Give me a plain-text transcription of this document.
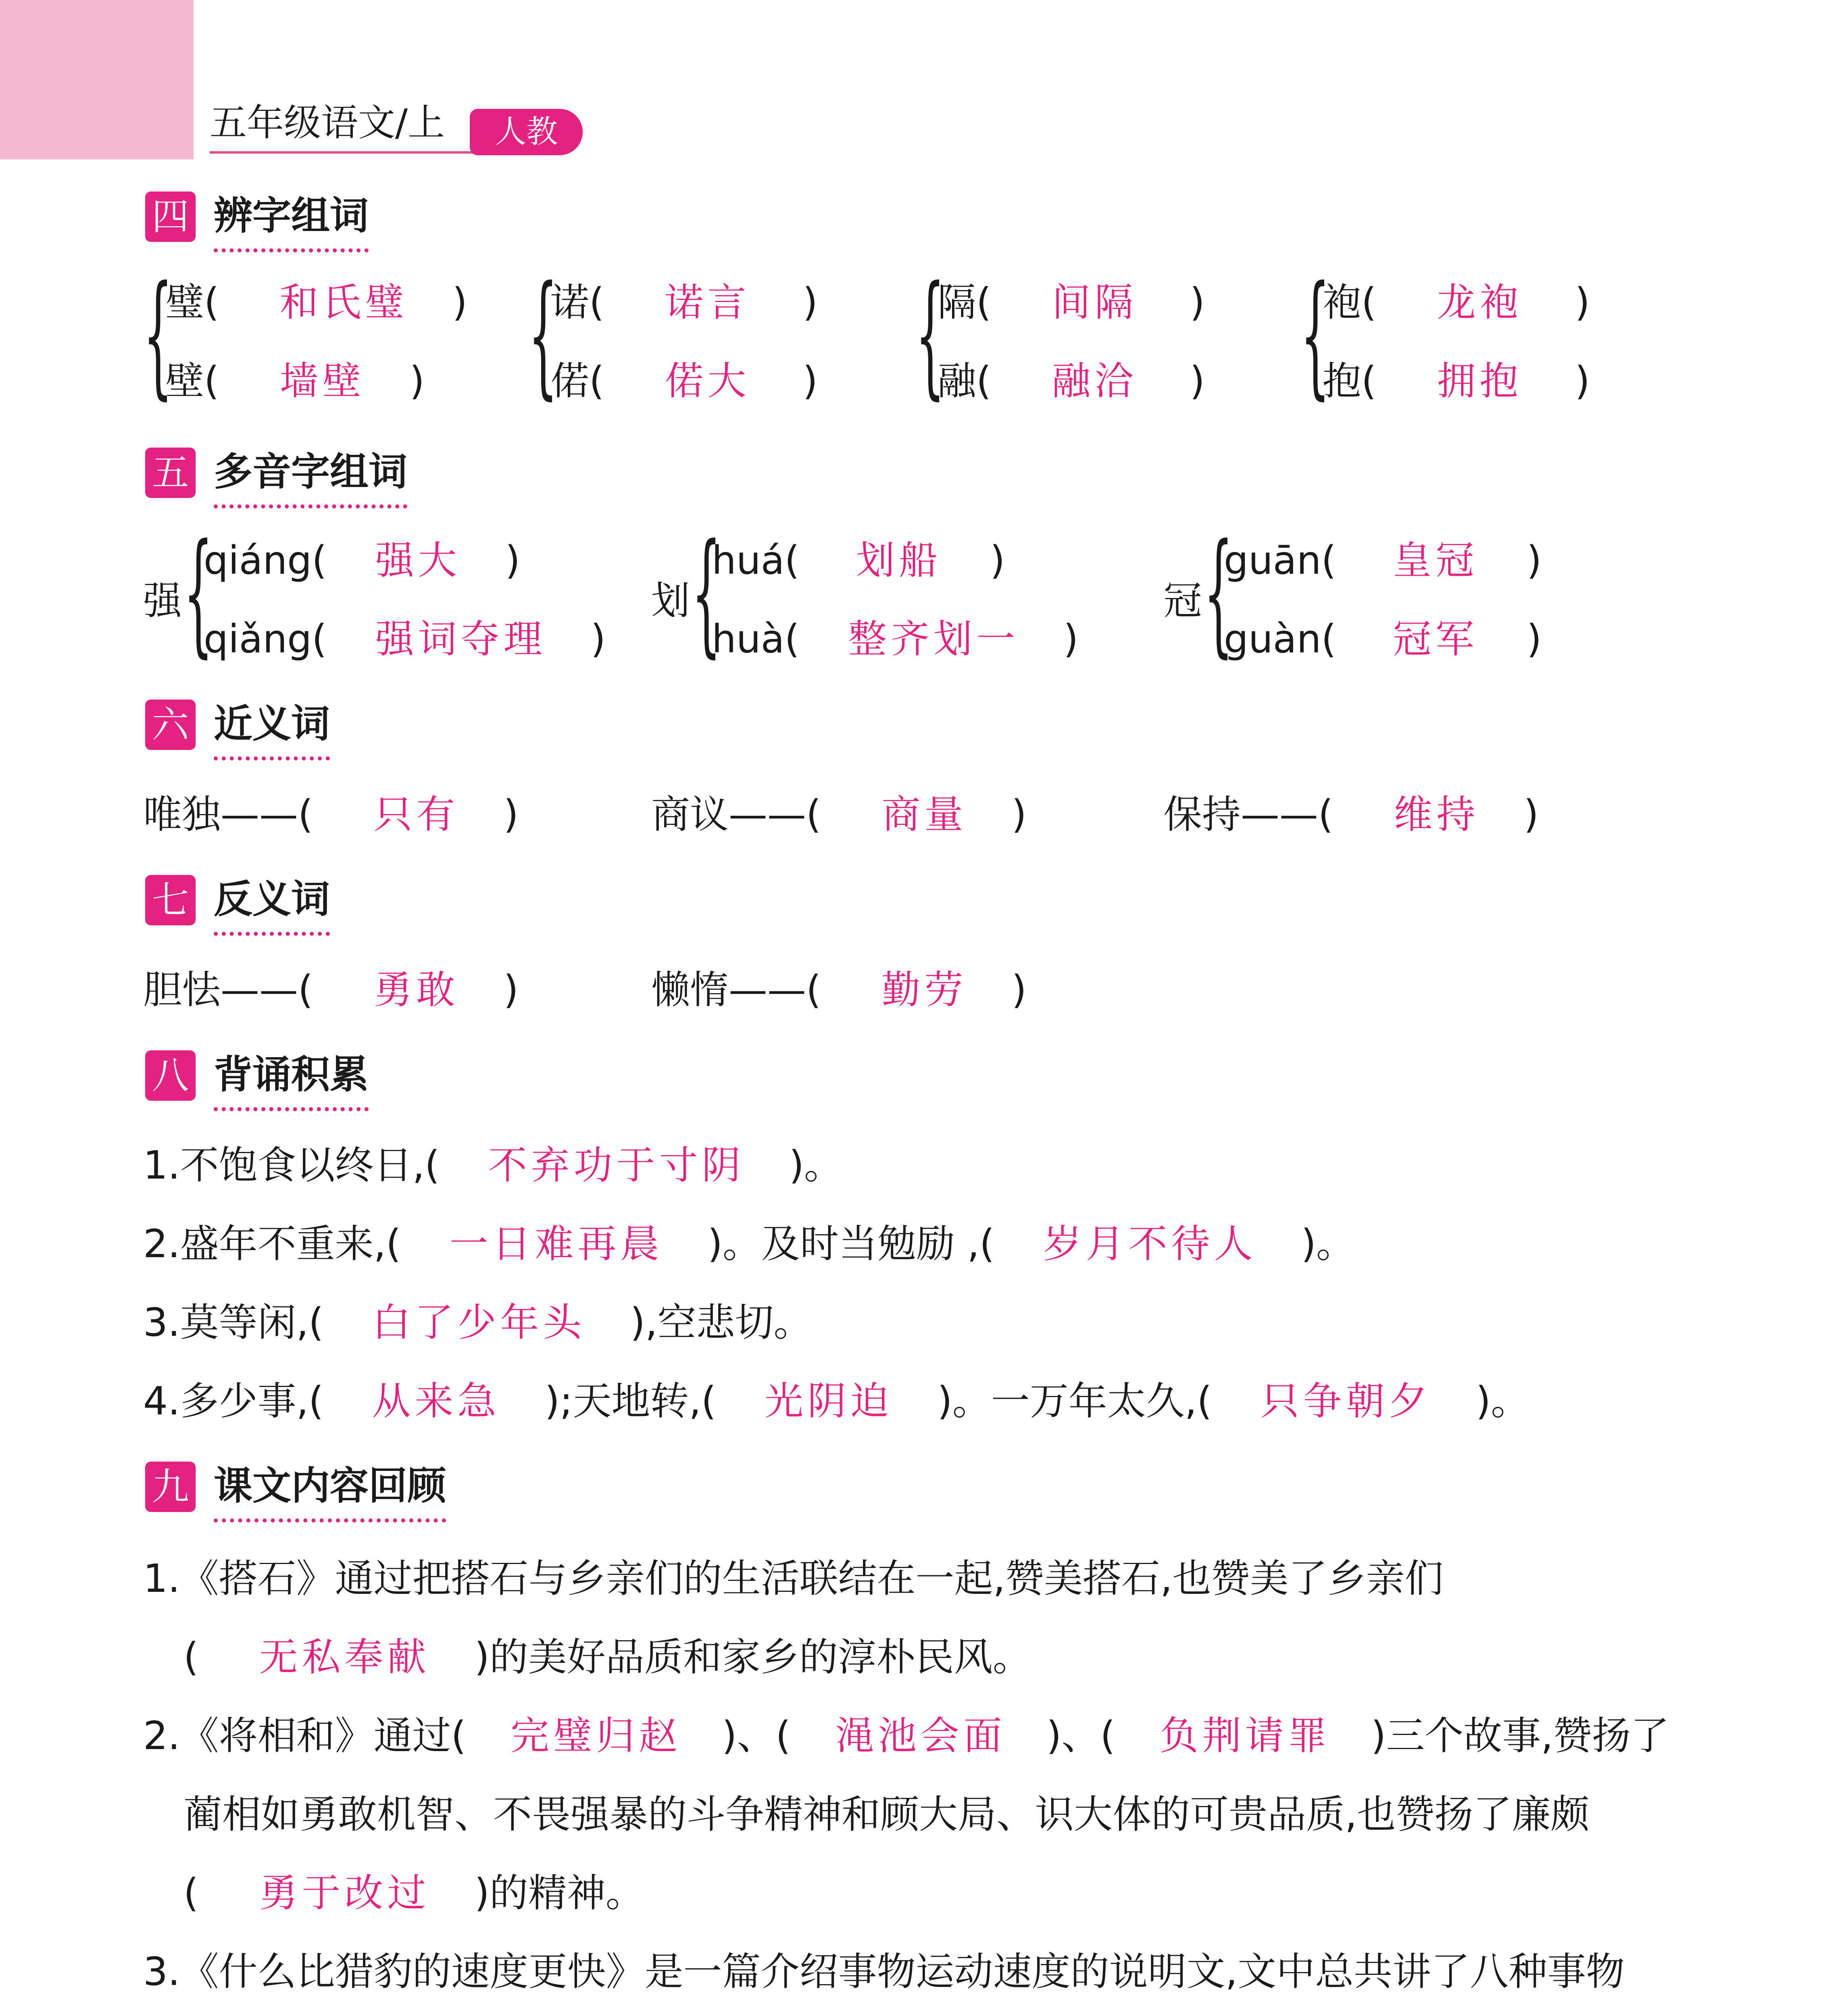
五年级语文/上	人教
四 辨字组词
{
璧( 和氏璧 )
壁( 墙壁 ) {
诺( 诺言 )
偌( 偌大 ) {
隔( 间隔 )
融( 融洽 ) {
袍( 龙袍 )
抱( 拥抱 )
五 多音字组词
强 {
qiáng( 强大 )
qiǎng( 强词夺理 )
划 {
huá( 划船 )
huà( 整齐划一 )
冠 {
guān( 皇冠 )
guàn( 冠军 )
六 近义词
唯独——( 只有 )	商议——( 商量 )	保持——( 维持 )
七 反义词
胆怯——( 勇敢 )	懒惰——( 勤劳 )
八 背诵积累
1.不饱食以终日,( 不弃功于寸阴 )。
2.盛年不重来,( 一日难再晨 )。及时当勉励 ,( 岁月不待人 )。
3.莫等闲,( 白了少年头 ),空悲切。
4.多少事,( 从来急 );天地转,( 光阴迫 )。一万年太久,( 只争朝夕 )。
九 课文内容回顾
1.《搭石》通过把搭石与乡亲们的生活联结在一起,赞美搭石,也赞美了乡亲们
( 无私奉献 )的美好品质和家乡的淳朴民风。
2.《将相和》通过( 完璧归赵 )、( 渑池会面 )、( 负荆请罪 )三个故事,赞扬了
蔺相如勇敢机智、不畏强暴的斗争精神和顾大局、识大体的可贵品质,也赞扬了廉颇
( 勇于改过 )的精神。
3.《什么比猎豹的速度更快》是一篇介绍事物运动速度的说明文,文中总共讲了八种事物
